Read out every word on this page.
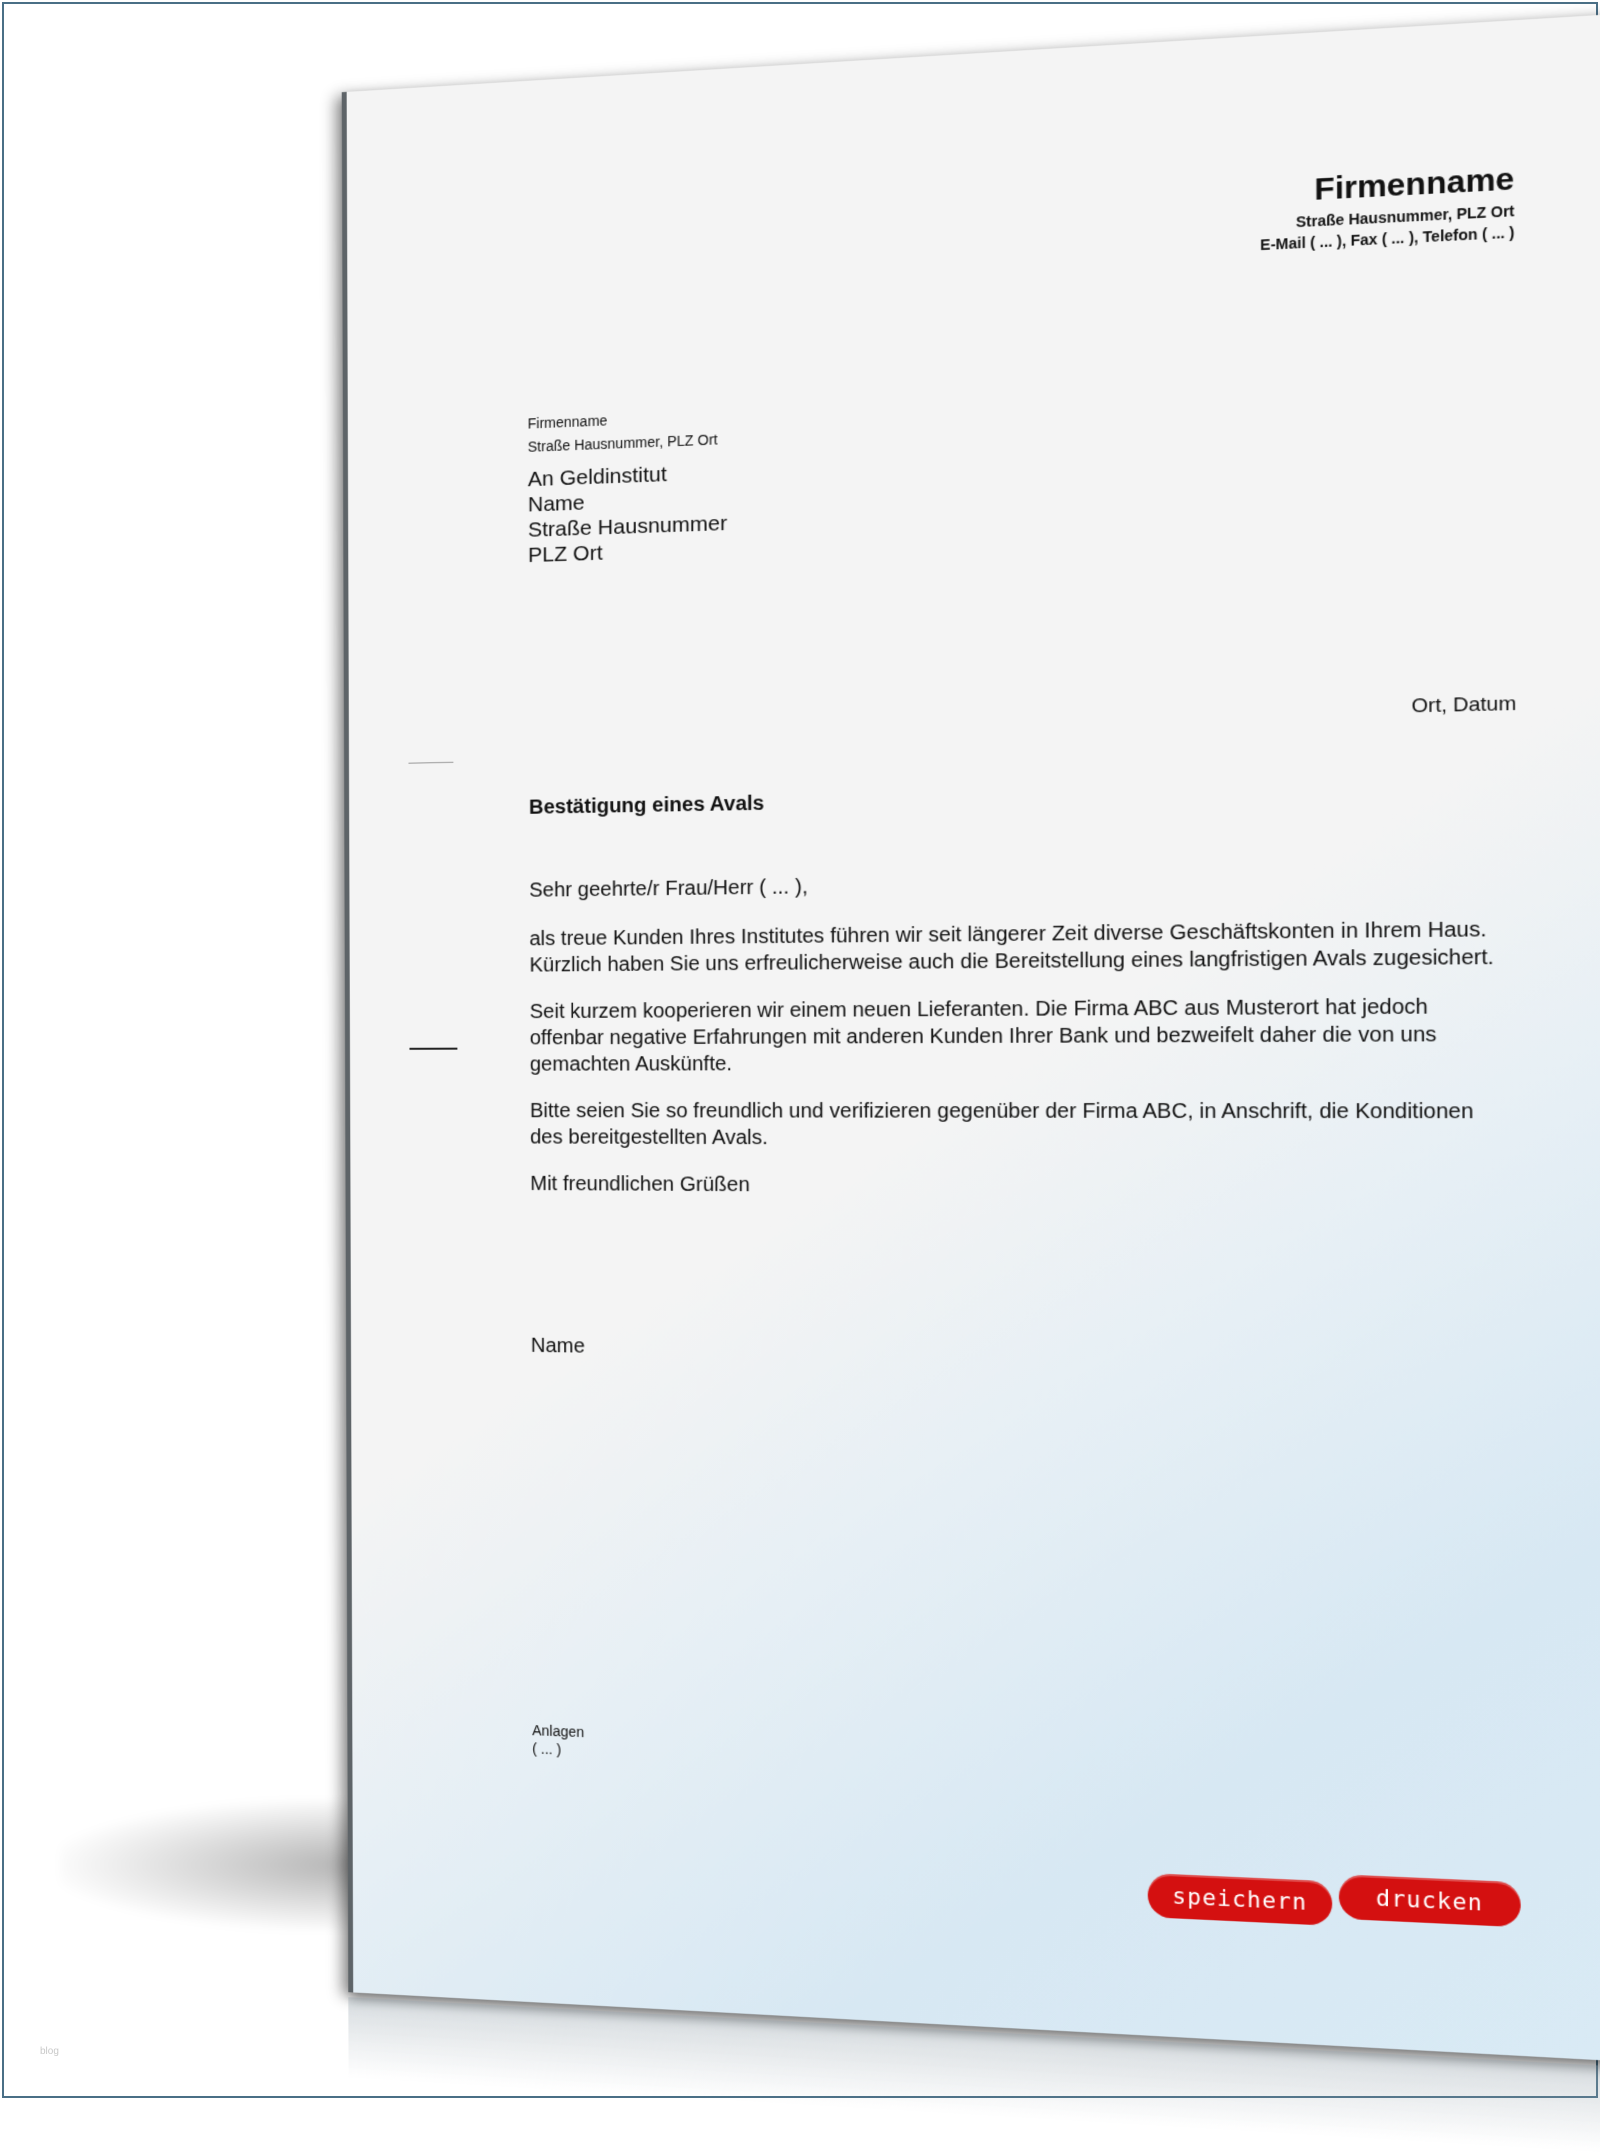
Firmenname
Straße Hausnummer, PLZ Ort
E-Mail ( ... ), Fax ( ... ), Telefon ( ... )
Firmenname
Straße Hausnummer, PLZ Ort
An Geldinstitut
Name
Straße Hausnummer
PLZ Ort
Ort, Datum
Bestätigung eines Avals

Sehr geehrte/r Frau/Herr ( ... ),

als treue Kunden Ihres Institutes führen wir seit längerer Zeit diverse Geschäftskonten in Ihrem Haus.
Kürzlich haben Sie uns erfreulicherweise auch die Bereitstellung eines langfristigen Avals zugesichert.

Seit kurzem kooperieren wir einem neuen Lieferanten. Die Firma ABC aus Musterort hat jedoch
offenbar negative Erfahrungen mit anderen Kunden Ihrer Bank und bezweifelt daher die von uns
gemachten Auskünfte.

Bitte seien Sie so freundlich und verifizieren gegenüber der Firma ABC, in Anschrift, die Konditionen
des bereitgestellten Avals.

Mit freundlichen Grüßen

Name
Anlagen
( ... )
speichern	drucken
blog
